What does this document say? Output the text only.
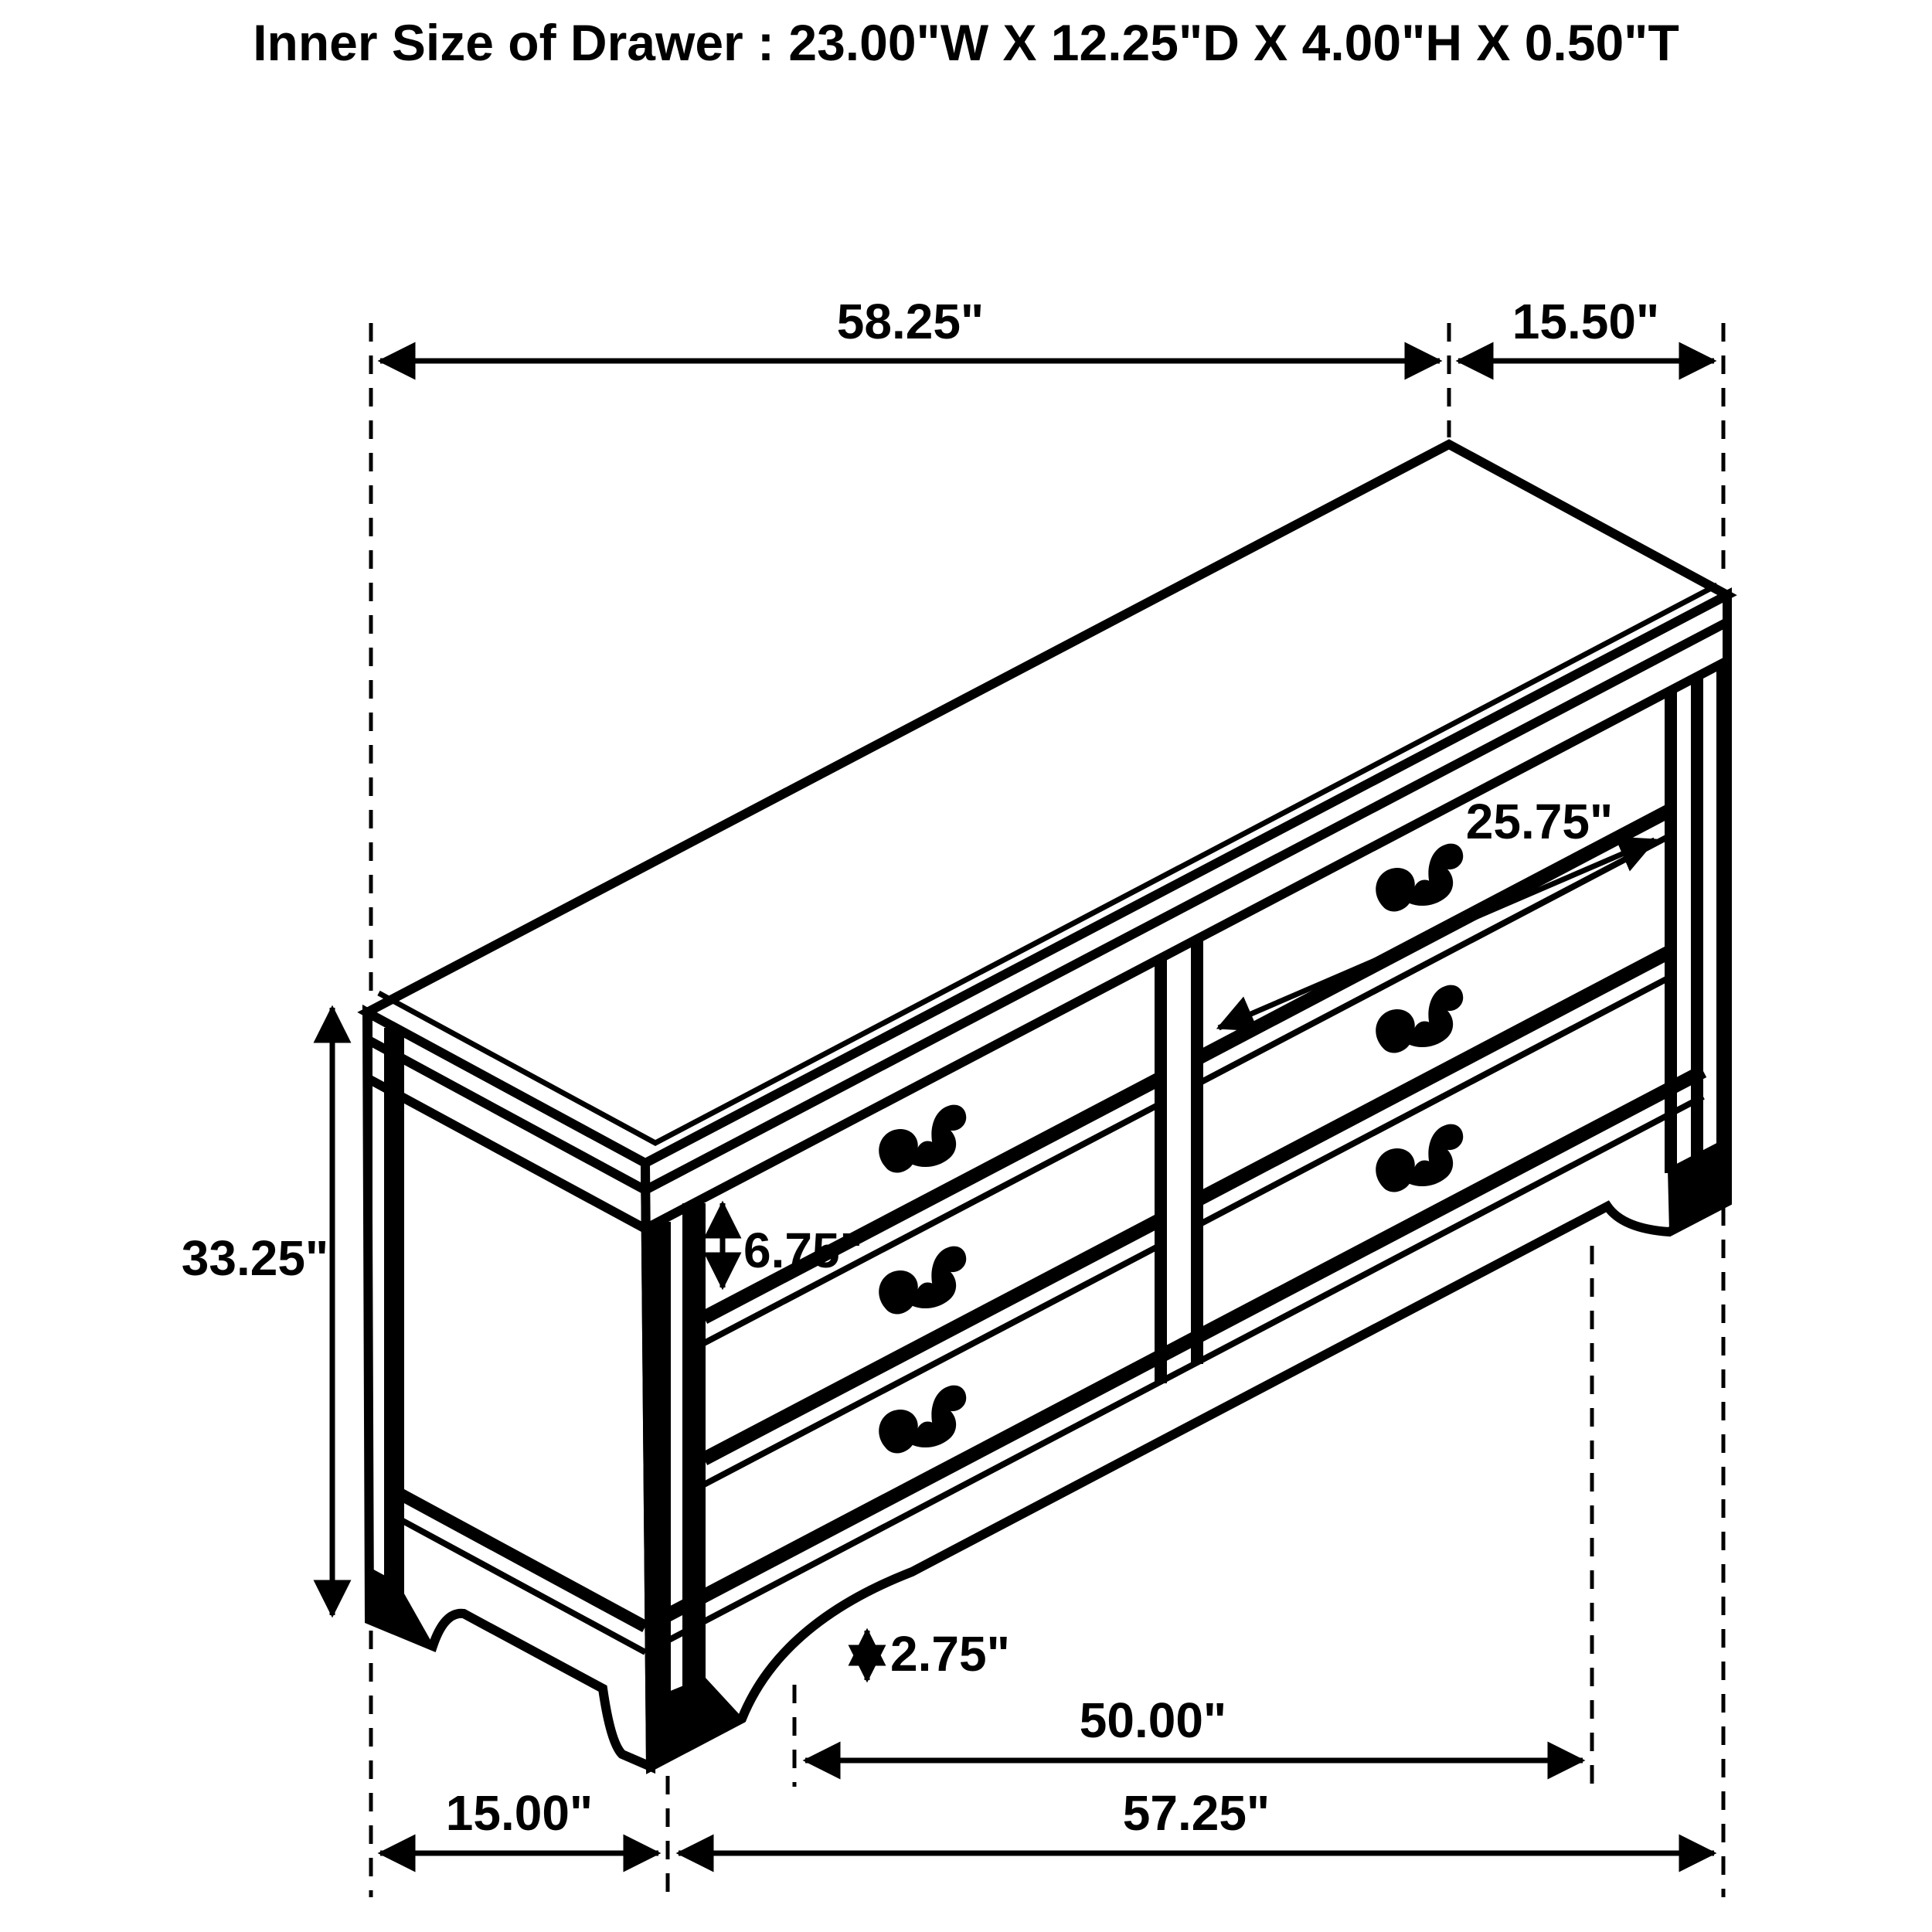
Inner Size of Drawer : 23.00"W X 12.25"D X 4.00"H X 0.50"T
58.25"	15.50"
33.25"	6.75"
25.75"
2.75"
50.00"
15.00"	57.25"
